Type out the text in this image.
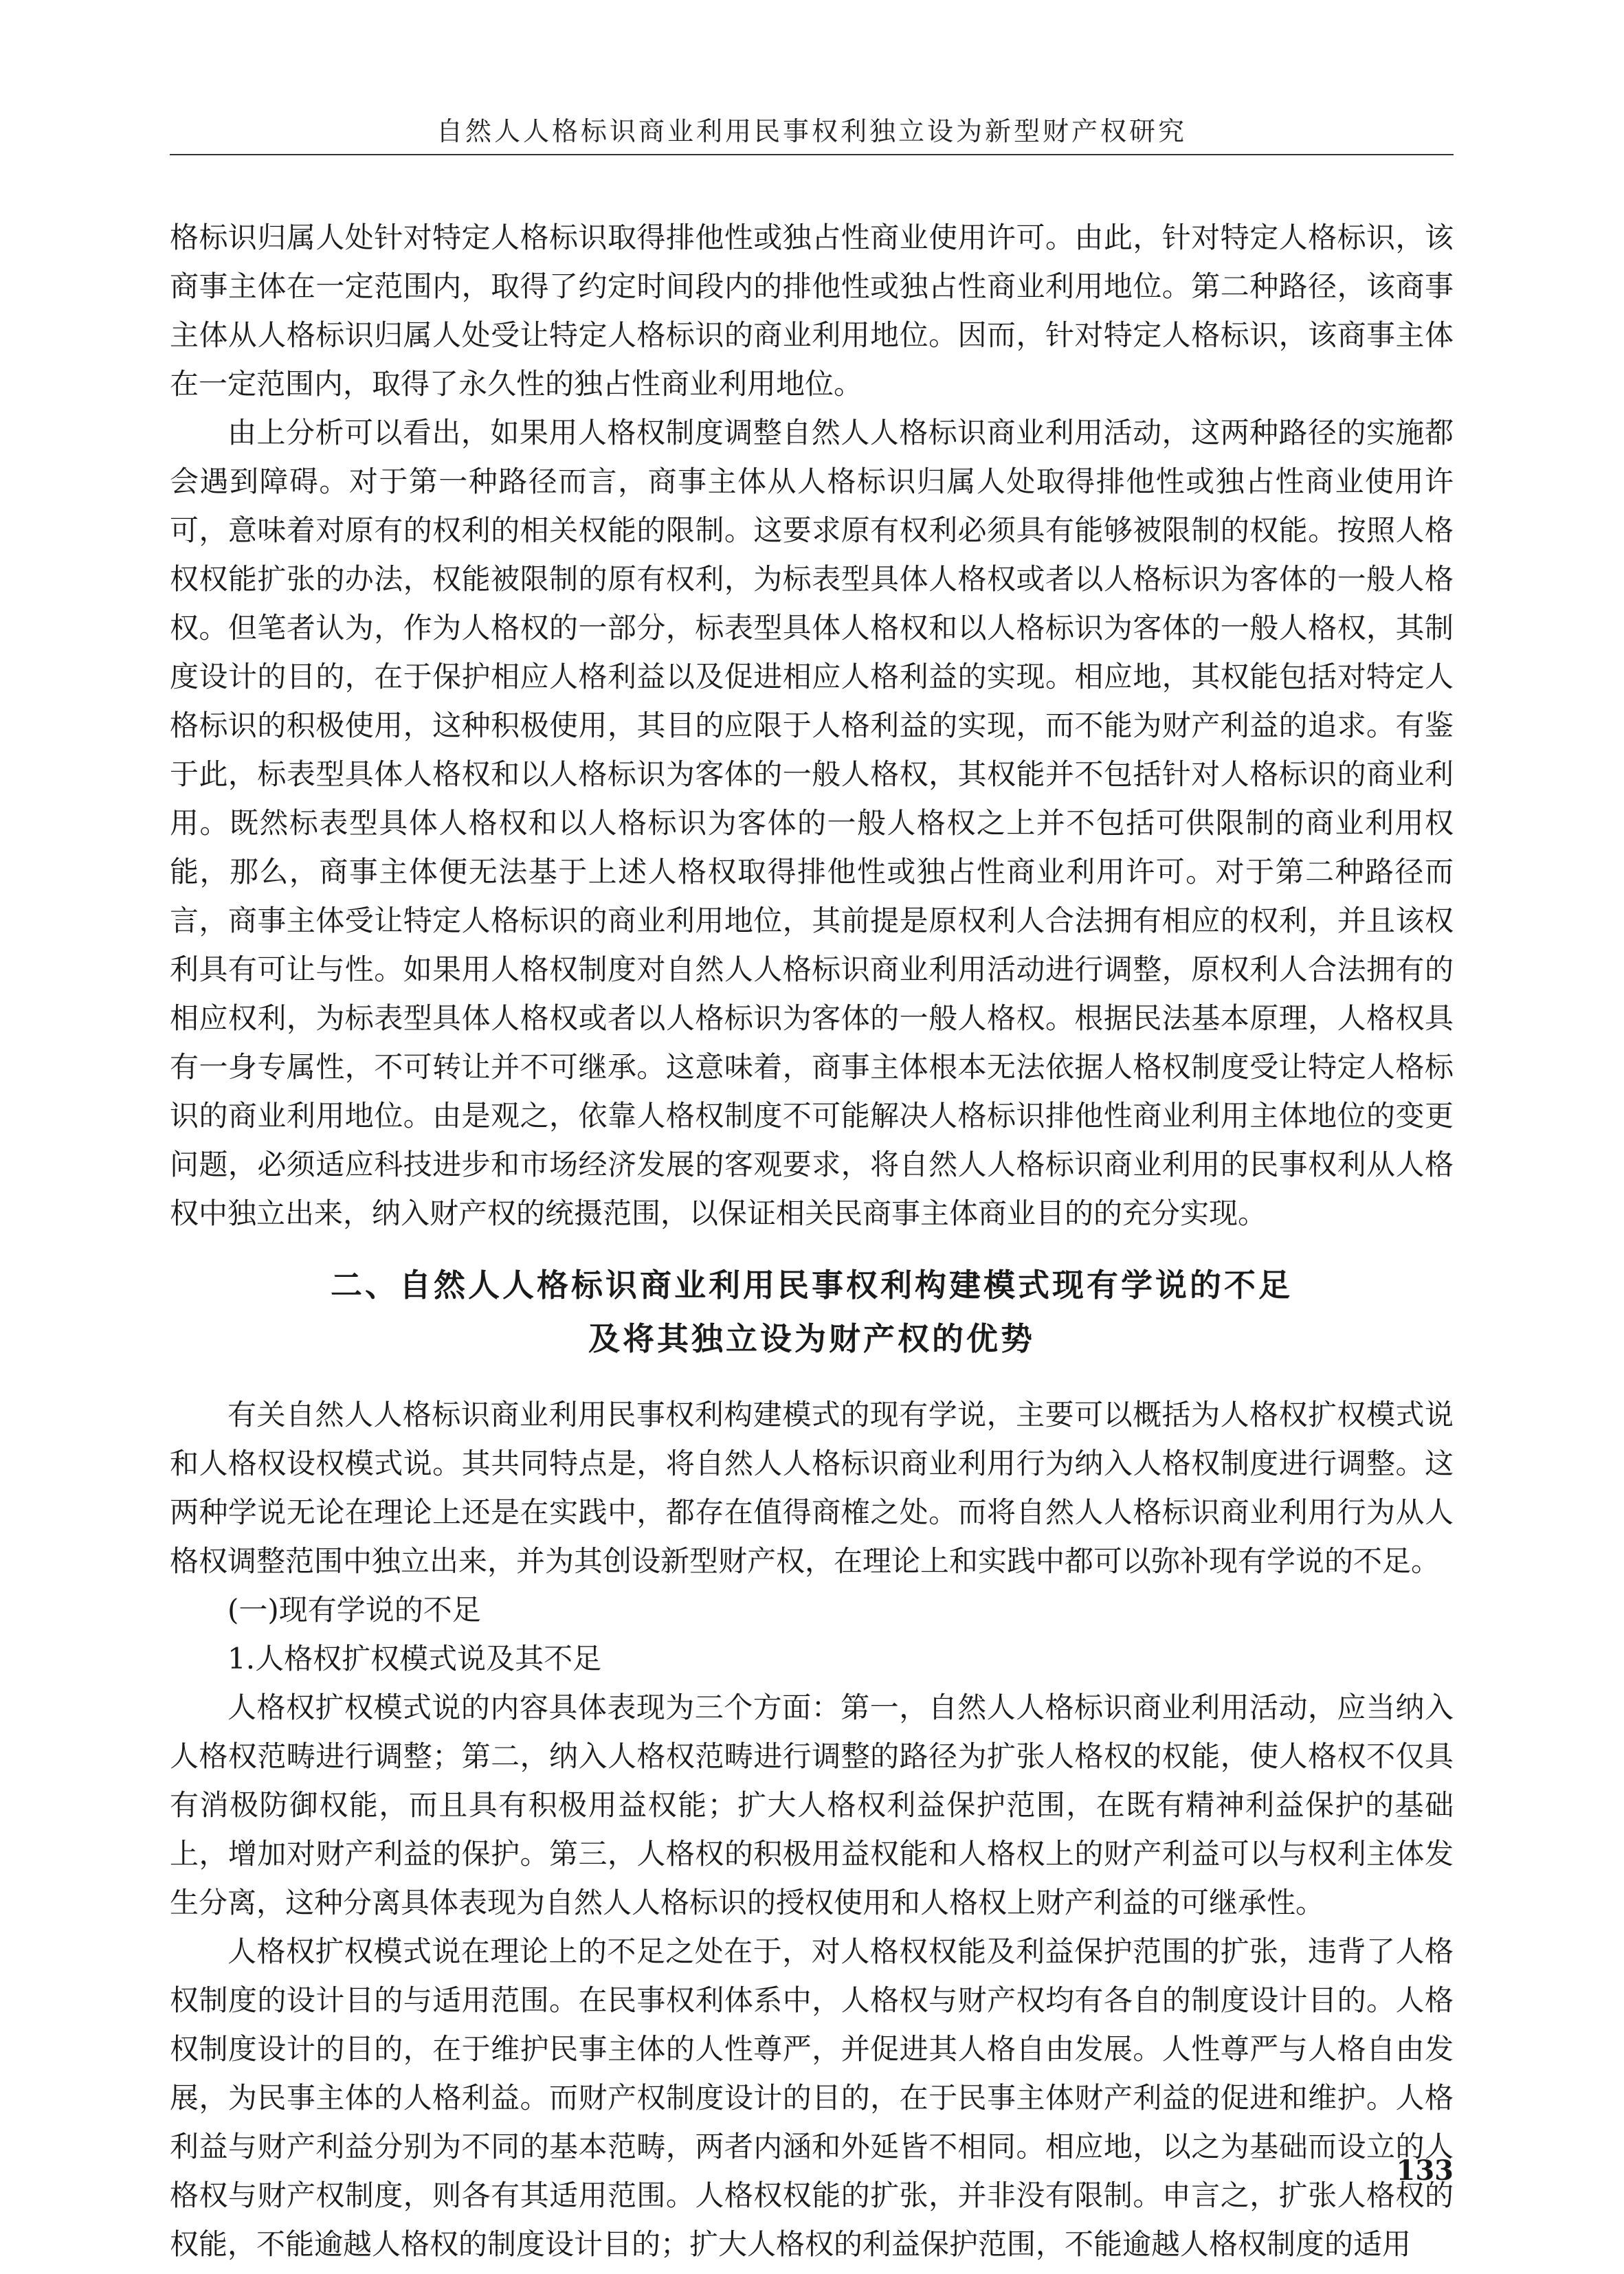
自然人人格标识商业利用民事权利独立设为新型财产权研究

格标识归属人处针对特定人格标识取得排他性或独占性商业使用许可。由此，针对特定人格标识，该商事主体在一定范围内，取得了约定时间段内的排他性或独占性商业利用地位。第二种路径，该商事主体从人格标识归属人处受让特定人格标识的商业利用地位。因而，针对特定人格标识，该商事主体在一定范围内，取得了永久性的独占性商业利用地位。

由上分析可以看出，如果用人格权制度调整自然人人格标识商业利用活动，这两种路径的实施都会遇到障碍。对于第一种路径而言，商事主体从人格标识归属人处取得排他性或独占性商业使用许可，意味着对原有的权利的相关权能的限制。这要求原有权利必须具有能够被限制的权能。按照人格权权能扩张的办法，权能被限制的原有权利，为标表型具体人格权或者以人格标识为客体的一般人格权。但笔者认为，作为人格权的一部分，标表型具体人格权和以人格标识为客体的一般人格权，其制度设计的目的，在于保护相应人格利益以及促进相应人格利益的实现。相应地，其权能包括对特定人格标识的积极使用，这种积极使用，其目的应限于人格利益的实现，而不能为财产利益的追求。有鉴于此，标表型具体人格权和以人格标识为客体的一般人格权，其权能并不包括针对人格标识的商业利用。既然标表型具体人格权和以人格标识为客体的一般人格权之上并不包括可供限制的商业利用权能，那么，商事主体便无法基于上述人格权取得排他性或独占性商业利用许可。对于第二种路径而言，商事主体受让特定人格标识的商业利用地位，其前提是原权利人合法拥有相应的权利，并且该权利具有可让与性。如果用人格权制度对自然人人格标识商业利用活动进行调整，原权利人合法拥有的相应权利，为标表型具体人格权或者以人格标识为客体的一般人格权。根据民法基本原理，人格权具有一身专属性，不可转让并不可继承。这意味着，商事主体根本无法依据人格权制度受让特定人格标识的商业利用地位。由是观之，依靠人格权制度不可能解决人格标识排他性商业利用主体地位的变更问题，必须适应科技进步和市场经济发展的客观要求，将自然人人格标识商业利用的民事权利从人格权中独立出来，纳入财产权的统摄范围，以保证相关民商事主体商业目的的充分实现。

二、自然人人格标识商业利用民事权利构建模式现有学说的不足
及将其独立设为财产权的优势

有关自然人人格标识商业利用民事权利构建模式的现有学说，主要可以概括为人格权扩权模式说和人格权设权模式说。其共同特点是，将自然人人格标识商业利用行为纳入人格权制度进行调整。这两种学说无论在理论上还是在实践中，都存在值得商榷之处。而将自然人人格标识商业利用行为从人格权调整范围中独立出来，并为其创设新型财产权，在理论上和实践中都可以弥补现有学说的不足。

(一)现有学说的不足

1.人格权扩权模式说及其不足

人格权扩权模式说的内容具体表现为三个方面：第一，自然人人格标识商业利用活动，应当纳入人格权范畴进行调整；第二，纳入人格权范畴进行调整的路径为扩张人格权的权能，使人格权不仅具有消极防御权能，而且具有积极用益权能；扩大人格权利益保护范围，在既有精神利益保护的基础上，增加对财产利益的保护。第三，人格权的积极用益权能和人格权上的财产利益可以与权利主体发生分离，这种分离具体表现为自然人人格标识的授权使用和人格权上财产利益的可继承性。

人格权扩权模式说在理论上的不足之处在于，对人格权权能及利益保护范围的扩张，违背了人格权制度的设计目的与适用范围。在民事权利体系中，人格权与财产权均有各自的制度设计目的。人格权制度设计的目的，在于维护民事主体的人性尊严，并促进其人格自由发展。人性尊严与人格自由发展，为民事主体的人格利益。而财产权制度设计的目的，在于民事主体财产利益的促进和维护。人格利益与财产利益分别为不同的基本范畴，两者内涵和外延皆不相同。相应地，以之为基础而设立的人格权与财产权制度，则各有其适用范围。人格权权能的扩张，并非没有限制。申言之，扩张人格权的权能，不能逾越人格权的制度设计目的；扩大人格权的利益保护范围，不能逾越人格权制度的适用

133
